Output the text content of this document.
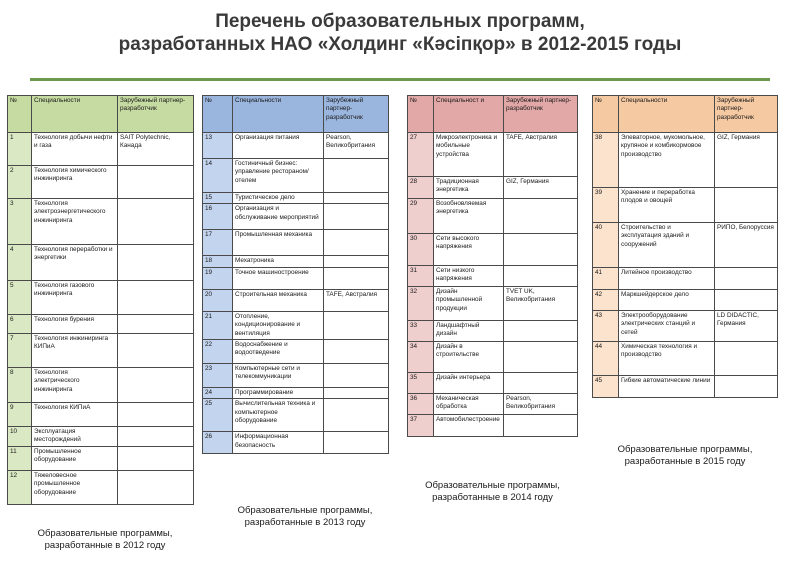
Перечень образовательных программ,
разработанных НАО «Холдинг «Кәсіпқор» в 2012-2015 годы
№	Специальности	Зарубежный партнер-разработчик
1	Технология добычи нефти и газа	SAIT Polytechnic, Канада
2	Технология химического инжиниринга	
3	Технология электроэнергетического инжиниринга	
4	Технология переработки и энергетики	
5	Технология газового инжиниринга	
6	Технология бурения	
7	Технология инжиниринга КИПиА	
8	Технология электрического инжиниринга	
9	Технология КИПиА	
10	Эксплуатация месторождений	
11	Промышленное оборудование	
12	Тяжеловесное промышленное оборудование	
№	Специальности	Зарубежный партнер-разработчик
13	Организация питания	Pearson, Великобритания
14	Гостиничный бизнес: управление рестораном/отелем	
15	Туристическое дело	
16	Организация и обслуживание мероприятий	
17	Промышленная механика	
18	Мехатроника	
19	Точное машиностроение	
20	Строительная механика	TAFE, Австралия
21	Отопление, кондиционирование и вентиляция	
22	Водоснабжение и водоотведение	
23	Компьютерные сети и телекоммуникации	
24	Программирование	
25	Вычислительная техника и компьютерное оборудование	
26	Информационная безопасность	
№	Специальност и	Зарубежный партнер-разработчик
27	Микроэлектроника и мобильные устройства	TAFE, Австралия
28	Традиционная энергетика	GIZ, Германия
29	Возобновляемая энергетика	
30	Сети высокого напряжения	
31	Сети низкого напряжения	
32	Дизайн промышленной продукции	TVET UK, Великобритания
33	Ландшафтный дизайн	
34	Дизайн в строительстве	
35	Дизайн интерьера	
36	Механическая обработка	Pearson, Великобритания
37	Автомобилестроение	
№	Специальности	Зарубежный партнер-разработчик
38	Элеваторное, мукомольное, крупяное и комбикормовое производство	GIZ, Германия
39	Хранение и переработка плодов и овощей	
40	Строительство и эксплуатация зданий и сооружений	РИПО, Белоруссия
41	Литейное производство	
42	Маркшейдерское дело	
43	Электрооборудование электрических станций и сетей	LD DIDACTIC, Германия
44	Химическая технология и производство	
45	Гибкие автоматические линии	
Образовательные программы, разработанные в 2012 году
Образовательные программы, разработанные в 2013 году
Образовательные программы, разработанные в 2014 году
Образовательные программы, разработанные в 2015 году
